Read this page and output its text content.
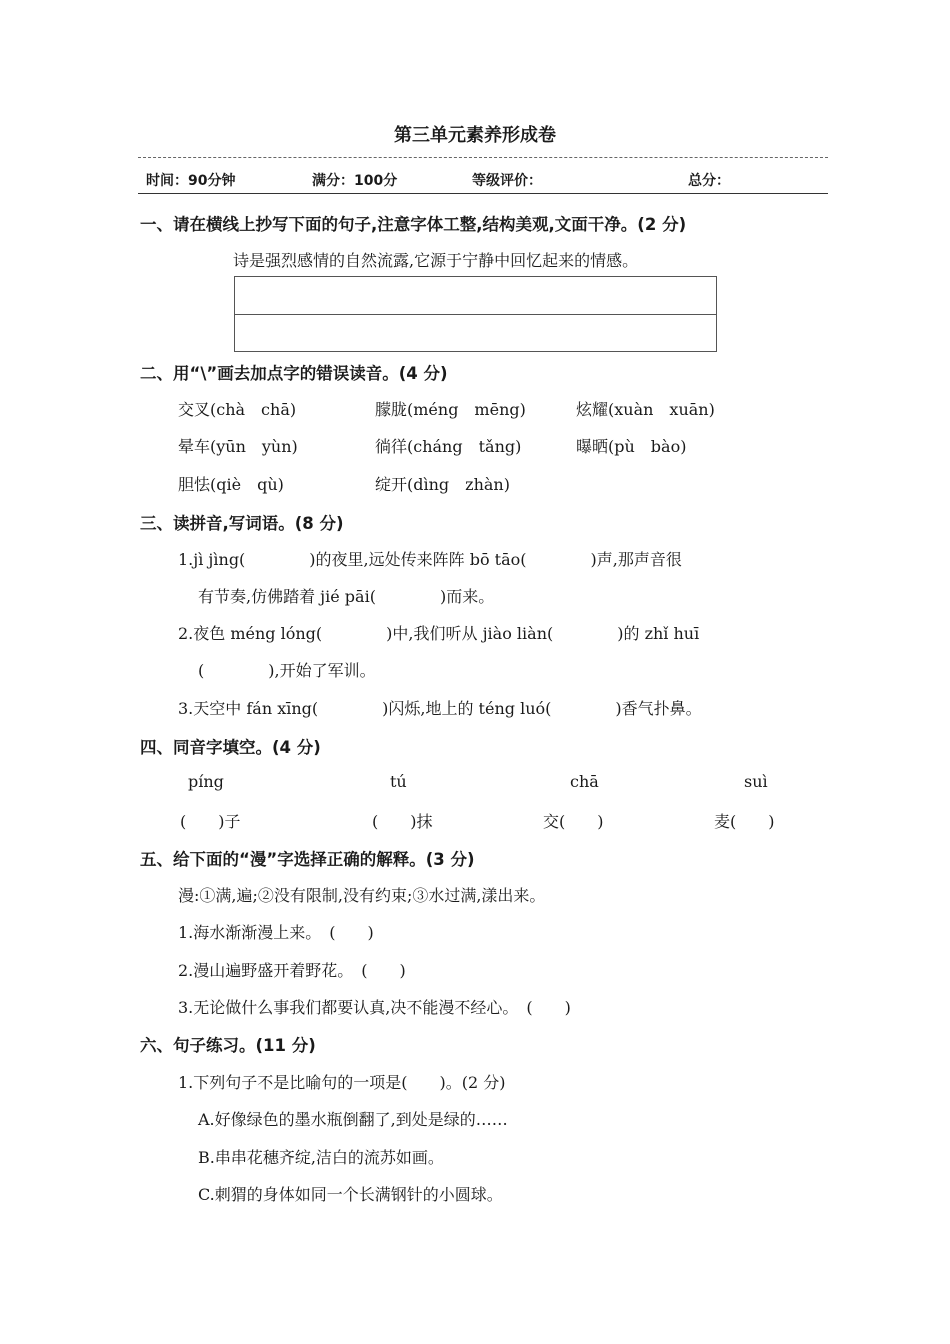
第三单元素养形成卷
时间：90分钟	满分：100分	等级评价：	总分：
一、请在横线上抄写下面的句子,注意字体工整,结构美观,文面干净。(2 分)
诗是强烈感情的自然流露,它源于宁静中回忆起来的情感。
二、用“\”画去加点字的错误读音。(4 分)
交叉(chà　chā)	朦胧(méng　mēng)	炫耀(xuàn　xuān)
晕车(yūn　yùn)	徜徉(cháng　tǎng)	曝晒(pù　bào)
胆怯(qiè　qù)	绽开(dìng　zhàn)
三、读拼音,写词语。(8 分)
1.jì jìng(　　　　)的夜里,远处传来阵阵 bō tāo(　　　　)声,那声音很
有节奏,仿佛踏着 jié pāi(　　　　)而来。
2.夜色 méng lóng(　　　　)中,我们听从 jiào liàn(　　　　)的 zhǐ huī
(　　　　),开始了军训。
3.天空中 fán xīng(　　　　)闪烁,地上的 téng luó(　　　　)香气扑鼻。
四、同音字填空。(4 分)
píng	tú	chā	suì
(　　)子	(　　)抹	交(　　)	麦(　　)
五、给下面的“漫”字选择正确的解释。(3 分)
漫:①满,遍;②没有限制,没有约束;③水过满,漾出来。
1.海水渐渐漫上来。　(　　)
2.漫山遍野盛开着野花。　(　　)
3.无论做什么事我们都要认真,决不能漫不经心。　(　　)
六、句子练习。(11 分)
1.下列句子不是比喻句的一项是(　　)。(2 分)
A.好像绿色的墨水瓶倒翻了,到处是绿的……
B.串串花穗齐绽,洁白的流苏如画。
C.刺猬的身体如同一个长满钢针的小圆球。
